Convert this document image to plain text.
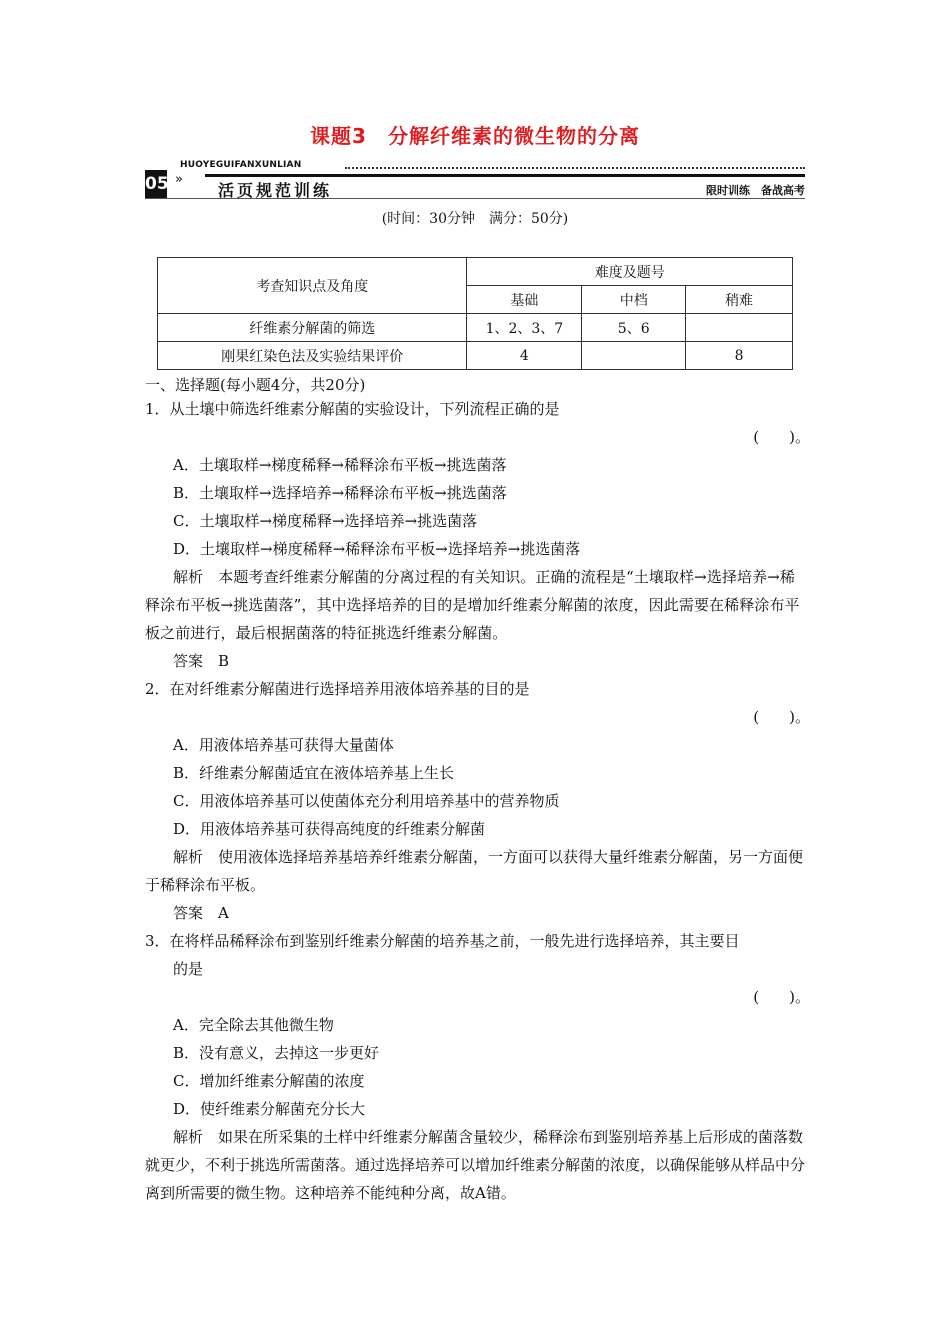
课题3　分解纤维素的微生物的分离
05
HUOYEGUIFANXUNLIAN
»
活页规范训练	限时训练　备战高考
(时间：30分钟　满分：50分)
考查知识点及角度	难度及题号		
	基础	中档	稍难
纤维素分解菌的筛选	1、2、3、7	5、6	
刚果红染色法及实验结果评价	4		8
一、选择题(每小题4分，共20分)
1．从土壤中筛选纤维素分解菌的实验设计，下列流程正确的是
(　　)。
A．土壤取样→梯度稀释→稀释涂布平板→挑选菌落
B．土壤取样→选择培养→稀释涂布平板→挑选菌落
C．土壤取样→梯度稀释→选择培养→挑选菌落
D．土壤取样→梯度稀释→稀释涂布平板→选择培养→挑选菌落
解析　本题考查纤维素分解菌的分离过程的有关知识。正确的流程是“土壤取样→选择培养→稀释涂布平板→挑选菌落”，其中选择培养的目的是增加纤维素分解菌的浓度，因此需要在稀释涂布平板之前进行，最后根据菌落的特征挑选纤维素分解菌。
答案　B
2．在对纤维素分解菌进行选择培养用液体培养基的目的是
(　　)。
A．用液体培养基可获得大量菌体
B．纤维素分解菌适宜在液体培养基上生长
C．用液体培养基可以使菌体充分利用培养基中的营养物质
D．用液体培养基可获得高纯度的纤维素分解菌
解析　使用液体选择培养基培养纤维素分解菌，一方面可以获得大量纤维素分解菌，另一方面便于稀释涂布平板。
答案　A
3．在将样品稀释涂布到鉴别纤维素分解菌的培养基之前，一般先进行选择培养，其主要目
的是
(　　)。
A．完全除去其他微生物
B．没有意义，去掉这一步更好
C．增加纤维素分解菌的浓度
D．使纤维素分解菌充分长大
解析　如果在所采集的土样中纤维素分解菌含量较少，稀释涂布到鉴别培养基上后形成的菌落数就更少，不利于挑选所需菌落。通过选择培养可以增加纤维素分解菌的浓度，以确保能够从样品中分离到所需要的微生物。这种培养不能纯种分离，故A错。
